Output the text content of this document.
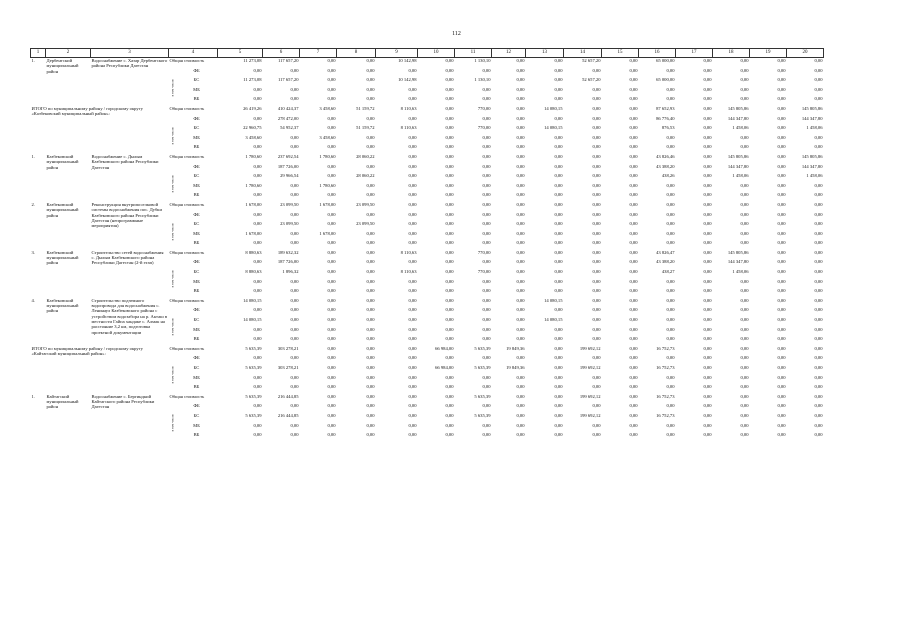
112
1	2	3	4		5	6	7	8	9	10	11	12	13	14	15	16	17	18	19	20
1.	Дербентский муниципальный район	Водоснабжение с. Хазар Дербентского района Республики Дагестан	Общая стоимость		11 273,08	117 657,20	0,00	0,00	10 142,98	0,00	1 130,10	0,00	0,00	52 657,20	0,00	65 000,00	0,00	0,00	0,00	0,00
			в том числе:	ФБ	0,00	0,00	0,00	0,00	0,00	0,00	0,00	0,00	0,00	0,00	0,00	0,00	0,00	0,00	0,00	0,00
				БС	11 273,08	117 657,20	0,00	0,00	10 142,98	0,00	1 130,10	0,00	0,00	52 657,20	0,00	65 000,00	0,00	0,00	0,00	0,00
				МБ	0,00	0,00	0,00	0,00	0,00	0,00	0,00	0,00	0,00	0,00	0,00	0,00	0,00	0,00	0,00	0,00
				ВБ	0,00	0,00	0,00	0,00	0,00	0,00	0,00	0,00	0,00	0,00	0,00	0,00	0,00	0,00	0,00	0,00
ИТОГО по муниципальному району / городскому округу «Казбековский муниципальный район»:			Общая стоимость		26 419,26	410 424,37	3 458,60	51 159,72	8 110,63	0,00	770,00	0,00	14 080,15	0,00	0,00	87 652,93	0,00	145 805,86	0,00	145 805,86
			в том числе:	ФБ	0,00	278 472,00	0,00	0,00	0,00	0,00	0,00	0,00	0,00	0,00	0,00	86 776,40	0,00	144 347,80	0,00	144 347,80
				БС	22 960,75	54 952,37	0,00	51 159,72	8 110,63	0,00	770,00	0,00	14 080,15	0,00	0,00	876,53	0,00	1 458,06	0,00	1 458,06
				МБ	3 458,60	0,00	3 458,60	0,00	0,00	0,00	0,00	0,00	0,00	0,00	0,00	0,00	0,00	0,00	0,00	0,00
				ВБ	0,00	0,00	0,00	0,00	0,00	0,00	0,00	0,00	0,00	0,00	0,00	0,00	0,00	0,00	0,00	0,00
1.	Казбековский муниципальный район	Водоснабжение с. Дылым Казбековского района Республики Дагестан	Общая стоимость		1 780,60	237 692,54	1 780,60	28 060,22	0,00	0,00	0,00	0,00	0,00	0,00	0,00	43 826,46	0,00	145 805,86	0,00	145 805,86
			в том числе:	ФБ	0,00	187 726,00	0,00	0,00	0,00	0,00	0,00	0,00	0,00	0,00	0,00	43 388,20	0,00	144 347,80	0,00	144 347,80
				БС	0,00	29 966,54	0,00	28 060,22	0,00	0,00	0,00	0,00	0,00	0,00	0,00	438,26	0,00	1 458,06	0,00	1 458,06
				МБ	1 780,60	0,00	1 780,60	0,00	0,00	0,00	0,00	0,00	0,00	0,00	0,00	0,00	0,00	0,00	0,00	0,00
				ВБ	0,00	0,00	0,00	0,00	0,00	0,00	0,00	0,00	0,00	0,00	0,00	0,00	0,00	0,00	0,00	0,00
2.	Казбековский муниципальный район	Реконструкция внутрипоселковой системы водоснабжения пос. Дубки Казбековского района Республики Дагестан (непрограммные мероприятия)	Общая стоимость		1 678,00	23 099,50	1 678,00	23 099,50	0,00	0,00	0,00	0,00	0,00	0,00	0,00	0,00	0,00	0,00	0,00	0,00
			в том числе:	ФБ	0,00	0,00	0,00	0,00	0,00	0,00	0,00	0,00	0,00	0,00	0,00	0,00	0,00	0,00	0,00	0,00
				БС	0,00	23 099,50	0,00	23 099,50	0,00	0,00	0,00	0,00	0,00	0,00	0,00	0,00	0,00	0,00	0,00	0,00
				МБ	1 678,00	0,00	1 678,00	0,00	0,00	0,00	0,00	0,00	0,00	0,00	0,00	0,00	0,00	0,00	0,00	0,00
				ВБ	0,00	0,00	0,00	0,00	0,00	0,00	0,00	0,00	0,00	0,00	0,00	0,00	0,00	0,00	0,00	0,00
3.	Казбековский муниципальный район	Строительство сетей водоснабжения с. Дылым Казбековского района Республики Дагестан (2-й этап)	Общая стоимость		8 880,63	189 632,32	0,00	0,00	8 110,63	0,00	770,00	0,00	0,00	0,00	0,00	43 826,47	0,00	145 805,86	0,00	0,00
			в том числе:	ФБ	0,00	187 726,00	0,00	0,00	0,00	0,00	0,00	0,00	0,00	0,00	0,00	43 388,20	0,00	144 347,80	0,00	0,00
				БС	8 880,63	1 896,32	0,00	0,00	8 110,63	0,00	770,00	0,00	0,00	0,00	0,00	438,27	0,00	1 458,06	0,00	0,00
				МБ	0,00	0,00	0,00	0,00	0,00	0,00	0,00	0,00	0,00	0,00	0,00	0,00	0,00	0,00	0,00	0,00
				ВБ	0,00	0,00	0,00	0,00	0,00	0,00	0,00	0,00	0,00	0,00	0,00	0,00	0,00	0,00	0,00	0,00
4.	Казбековский муниципальный район	Строительство подземного водопровода для водоснабжения с. Ленинаул Казбековского района с устройством водозабора на р. Акташ в местности Гайпа хандаке с. Алмак на расстояние 3,2 км, подготовка проектной документации	Общая стоимость		14 080,15	0,00	0,00	0,00	0,00	0,00	0,00	0,00	14 080,15	0,00	0,00	0,00	0,00	0,00	0,00	0,00
			в том числе:	ФБ	0,00	0,00	0,00	0,00	0,00	0,00	0,00	0,00	0,00	0,00	0,00	0,00	0,00	0,00	0,00	0,00
				БС	14 080,15	0,00	0,00	0,00	0,00	0,00	0,00	0,00	14 080,15	0,00	0,00	0,00	0,00	0,00	0,00	0,00
				МБ	0,00	0,00	0,00	0,00	0,00	0,00	0,00	0,00	0,00	0,00	0,00	0,00	0,00	0,00	0,00	0,00
				ВБ	0,00	0,00	0,00	0,00	0,00	0,00	0,00	0,00	0,00	0,00	0,00	0,00	0,00	0,00	0,00	0,00
ИТОГО по муниципальному району / городскому округу «Кайтагский муниципальный район»:			Общая стоимость		5 635,39	303 278,21	0,00	0,00	0,00	66 984,00	5 635,39	19 849,36	0,00	199 692,12	0,00	16 752,73	0,00	0,00	0,00	0,00
			в том числе:	ФБ	0,00	0,00	0,00	0,00	0,00	0,00	0,00	0,00	0,00	0,00	0,00	0,00	0,00	0,00	0,00	0,00
				БС	5 635,39	303 278,21	0,00	0,00	0,00	66 984,00	5 635,39	19 849,36	0,00	199 692,12	0,00	16 752,73	0,00	0,00	0,00	0,00
				МБ	0,00	0,00	0,00	0,00	0,00	0,00	0,00	0,00	0,00	0,00	0,00	0,00	0,00	0,00	0,00	0,00
				ВБ	0,00	0,00	0,00	0,00	0,00	0,00	0,00	0,00	0,00	0,00	0,00	0,00	0,00	0,00	0,00	0,00
1.	Кайтагский муниципальный район	Водоснабжение с. Бергиндкий Кайтагского района Республики Дагестан	Общая стоимость		5 635,39	216 444,85	0,00	0,00	0,00	0,00	5 635,39	0,00	0,00	199 692,12	0,00	16 752,73	0,00	0,00	0,00	0,00
			в том числе:	ФБ	0,00	0,00	0,00	0,00	0,00	0,00	0,00	0,00	0,00	0,00	0,00	0,00	0,00	0,00	0,00	0,00
				БС	5 635,39	216 444,85	0,00	0,00	0,00	0,00	5 635,39	0,00	0,00	199 692,12	0,00	16 752,73	0,00	0,00	0,00	0,00
				МБ	0,00	0,00	0,00	0,00	0,00	0,00	0,00	0,00	0,00	0,00	0,00	0,00	0,00	0,00	0,00	0,00
				ВБ	0,00	0,00	0,00	0,00	0,00	0,00	0,00	0,00	0,00	0,00	0,00	0,00	0,00	0,00	0,00	0,00
